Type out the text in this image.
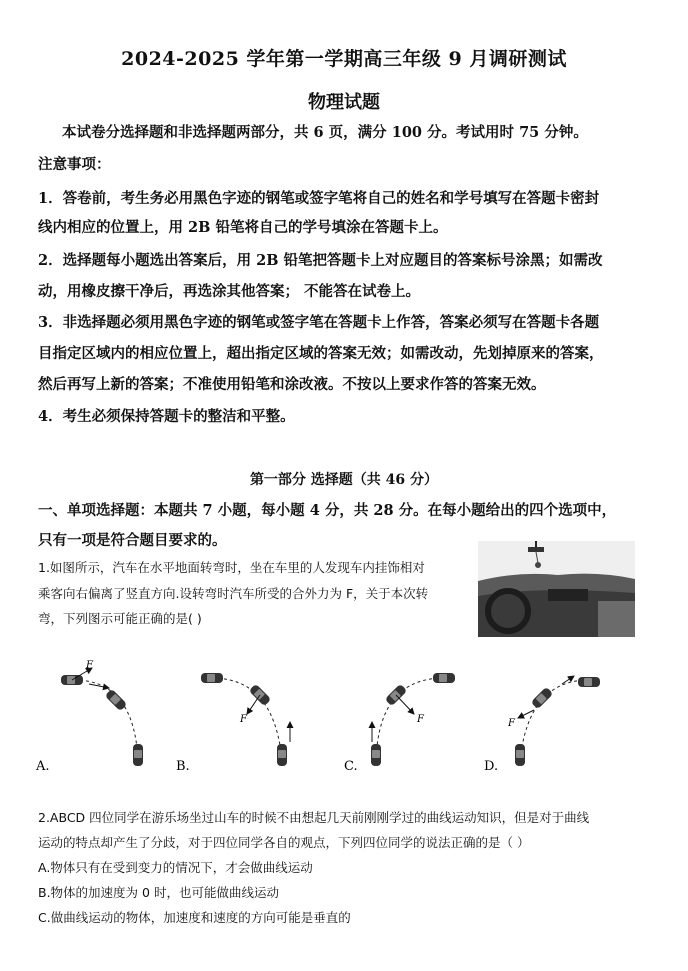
2024-2025 学年第一学期高三年级 9 月调研测试
物理试题
本试卷分选择题和非选择题两部分，共 6 页，满分 100 分。考试用时 75 分钟。
注意事项：
1．答卷前，考生务必用黑色字迹的钢笔或签字笔将自己的姓名和学号填写在答题卡密封
线内相应的位置上，用 2B 铅笔将自己的学号填涂在答题卡上。
2．选择题每小题选出答案后，用 2B 铅笔把答题卡上对应题目的答案标号涂黑；如需改
动，用橡皮擦干净后，再选涂其他答案； 不能答在试卷上。
3．非选择题必须用黑色字迹的钢笔或签字笔在答题卡上作答，答案必须写在答题卡各题
目指定区域内的相应位置上，超出指定区域的答案无效；如需改动，先划掉原来的答案，
然后再写上新的答案；不准使用铅笔和涂改液。不按以上要求作答的答案无效。
4．考生必须保持答题卡的整洁和平整。
第一部分 选择题（共 46 分）
一、单项选择题：本题共 7 小题，每小题 4 分，共 28 分。在每小题给出的四个选项中，
只有一项是符合题目要求的。
1.如图所示，汽车在水平地面转弯时，坐在车里的人发现车内挂饰相对
乘客向右偏离了竖直方向.设转弯时汽车所受的合外力为 F，关于本次转
弯，下列图示可能正确的是( )
F
A.
F
B.
F
C.
F
D.
2.ABCD 四位同学在游乐场坐过山车的时候不由想起几天前刚刚学过的曲线运动知识，但是对于曲线
运动的特点却产生了分歧，对于四位同学各自的观点，下列四位同学的说法正确的是（ ）
A.物体只有在受到变力的情况下，才会做曲线运动
B.物体的加速度为 0 时，也可能做曲线运动
C.做曲线运动的物体，加速度和速度的方向可能是垂直的
